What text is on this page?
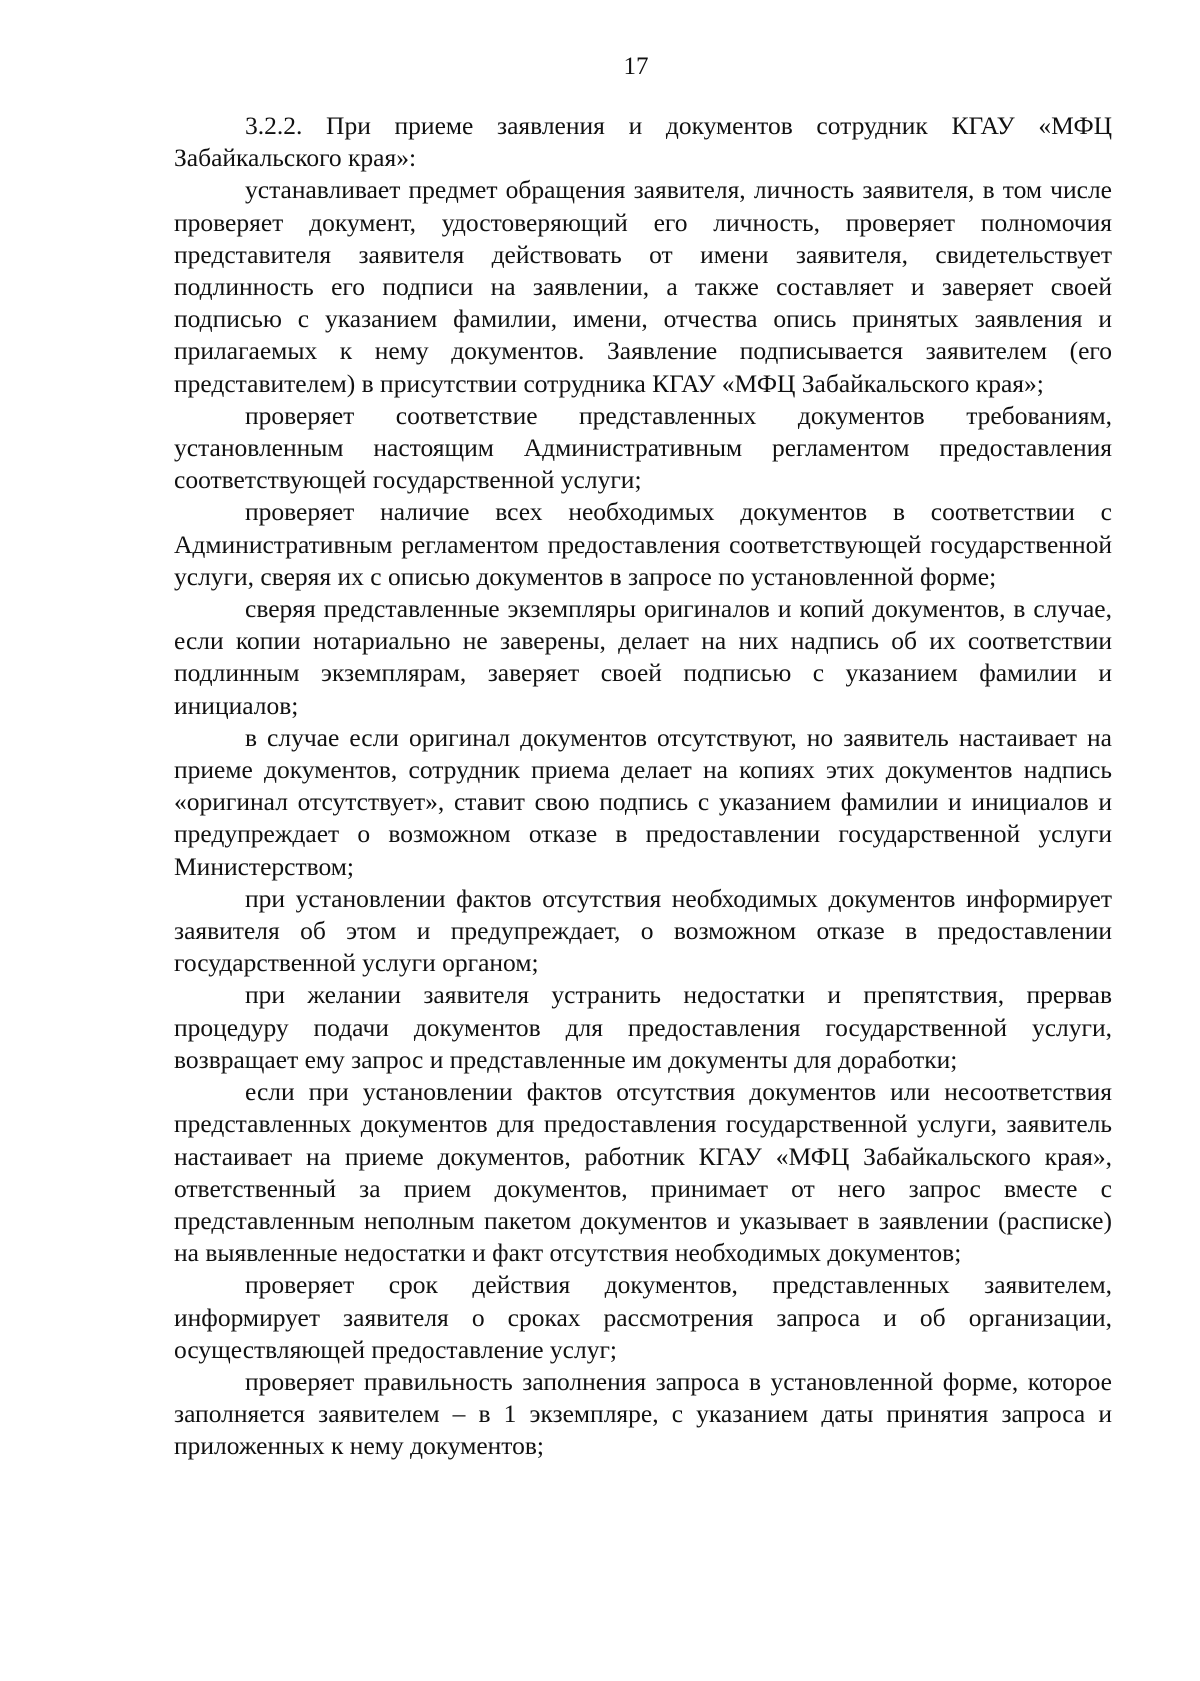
17

3.2.2. При приеме заявления и документов сотрудник КГАУ «МФЦ Забайкальского края»:

устанавливает предмет обращения заявителя, личность заявителя, в том числе проверяет документ, удостоверяющий его личность, проверяет полномочия представителя заявителя действовать от имени заявителя, свидетельствует подлинность его подписи на заявлении, а также составляет и заверяет своей подписью с указанием фамилии, имени, отчества опись принятых заявления и прилагаемых к нему документов. Заявление подписывается заявителем (его представителем) в присутствии сотрудника КГАУ «МФЦ Забайкальского края»;

проверяет соответствие представленных документов требованиям, установленным настоящим Административным регламентом предоставления соответствующей государственной услуги;

проверяет наличие всех необходимых документов в соответствии с Административным регламентом предоставления соответствующей государственной услуги, сверяя их с описью документов в запросе по установленной форме;

сверяя представленные экземпляры оригиналов и копий документов, в случае, если копии нотариально не заверены, делает на них надпись об их соответствии подлинным экземплярам, заверяет своей подписью с указанием фамилии и инициалов;

в случае если оригинал документов отсутствуют, но заявитель настаивает на приеме документов, сотрудник приема делает на копиях этих документов надпись «оригинал отсутствует», ставит свою подпись с указанием фамилии и инициалов и предупреждает о возможном отказе в предоставлении государственной услуги Министерством;

при установлении фактов отсутствия необходимых документов информирует заявителя об этом и предупреждает, о возможном отказе в предоставлении государственной услуги органом;

при желании заявителя устранить недостатки и препятствия, прервав процедуру подачи документов для предоставления государственной услуги, возвращает ему запрос и представленные им документы для доработки;

если при установлении фактов отсутствия документов или несоответствия представленных документов для предоставления государственной услуги, заявитель настаивает на приеме документов, работник КГАУ «МФЦ Забайкальского края», ответственный за прием документов, принимает от него запрос вместе с представленным неполным пакетом документов и указывает в заявлении (расписке) на выявленные недостатки и факт отсутствия необходимых документов;

проверяет срок действия документов, представленных заявителем, информирует заявителя о сроках рассмотрения запроса и об организации, осуществляющей предоставление услуг;

проверяет правильность заполнения запроса в установленной форме, которое заполняется заявителем – в 1 экземпляре, с указанием даты принятия запроса и приложенных к нему документов;
